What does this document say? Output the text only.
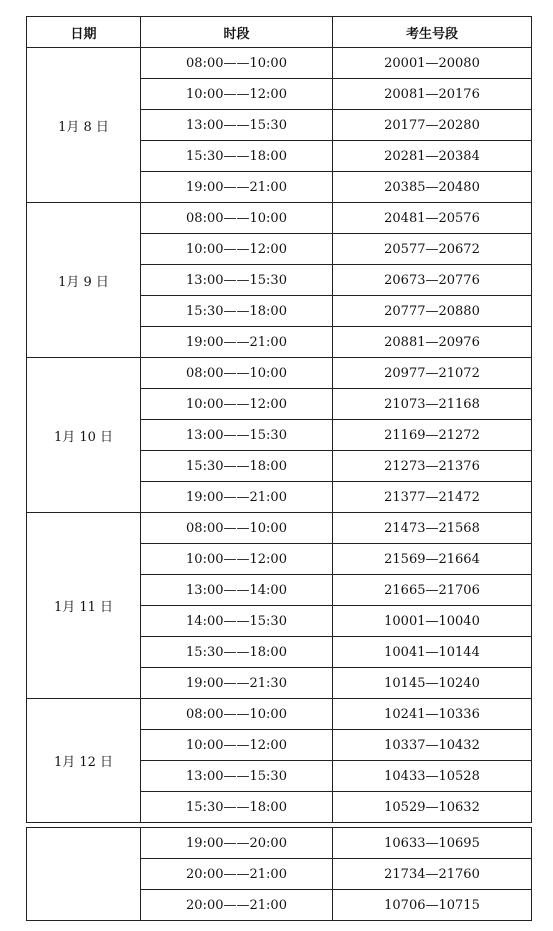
日期	时段	考生号段
1月 8 日	08:00——10:00	20001—20080
	10:00——12:00	20081—20176
	13:00——15:30	20177—20280
	15:30——18:00	20281—20384
	19:00——21:00	20385—20480
1月 9 日	08:00——10:00	20481—20576
	10:00——12:00	20577—20672
	13:00——15:30	20673—20776
	15:30——18:00	20777—20880
	19:00——21:00	20881—20976
1月 10 日	08:00——10:00	20977—21072
	10:00——12:00	21073—21168
	13:00——15:30	21169—21272
	15:30——18:00	21273—21376
	19:00——21:00	21377—21472
1月 11 日	08:00——10:00	21473—21568
	10:00——12:00	21569—21664
	13:00——14:00	21665—21706
	14:00——15:30	10001—10040
	15:30——18:00	10041—10144
	19:00——21:30	10145—10240
1月 12 日	08:00——10:00	10241—10336
	10:00——12:00	10337—10432
	13:00——15:30	10433—10528
	15:30——18:00	10529—10632
	19:00——20:00	10633—10695
	20:00——21:00	21734—21760
	20:00——21:00	10706—10715
